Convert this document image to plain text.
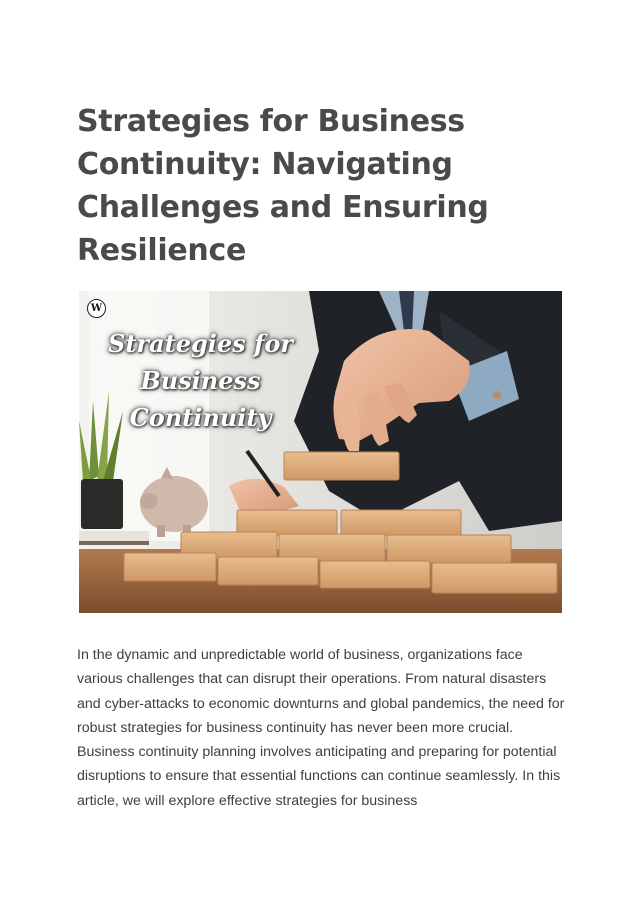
Strategies for Business Continuity: Navigating Challenges and Ensuring Resilience
W
Strategies for
Business
Continuity

In the dynamic and unpredictable world of business, organizations face various challenges that can disrupt their operations. From natural disasters and cyber-attacks to economic downturns and global pandemics, the need for robust strategies for business continuity has never been more crucial. Business continuity planning involves anticipating and preparing for potential disruptions to ensure that essential functions can continue seamlessly. In this article, we will explore effective strategies for business
